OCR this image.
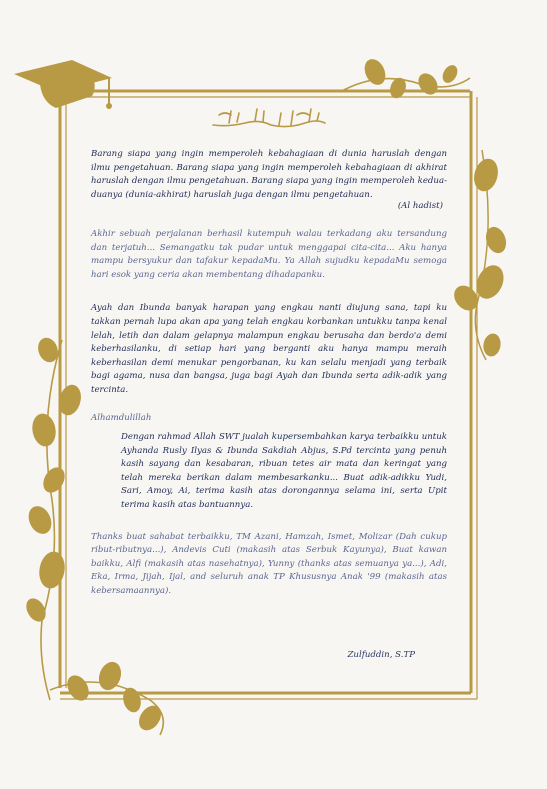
Barang siapa yang ingin memperoleh kebahagiaan di dunia haruslah dengan ilmu pengetahuan. Barang siapa yang ingin memperoleh kebahagiaan di akhirat haruslah dengan ilmu pengetahuan. Barang siapa yang ingin memperoleh kedua-duanya (dunia-akhirat) haruslah juga dengan ilmu pengetahuan.

(Al hadist)

Akhir sebuah perjalanan berhasil kutempuh walau terkadang aku tersandung dan terjatuh... Semangatku tak pudar untuk menggapai cita-cita... Aku hanya mampu bersyukur dan tafakur kepadaMu. Ya Allah sujudku kepadaMu semoga hari esok yang ceria akan membentang dihadapanku.

Ayah dan Ibunda banyak harapan yang engkau nanti diujung sana, tapi ku takkan pernah lupa akan apa yang telah engkau korbankan untukku tanpa kenal lelah, letih dan dalam gelapnya malampun engkau berusaha dan berdo'a demi keberhasilanku, di setiap hari yang berganti aku hanya mampu meraih keberhasilan demi menukar pengorbanan, ku kan selalu menjadi yang terbaik bagi agama, nusa dan bangsa, juga bagi Ayah dan Ibunda serta adik-adik yang tercinta.

Alhamdulillah

Dengan rahmad Allah SWT jualah kupersembahkan karya terbaikku untuk Ayhanda Rusly Ilyas & Ibunda Sakdiah Abjus, S.Pd tercinta yang penuh kasih sayang dan kesabaran, ribuan tetes air mata dan keringat yang telah mereka berikan dalam membesarkanku... Buat adik-adikku Yudi, Sari, Amoy, Ai, terima kasih atas dorongannya selama ini, serta Upit terima kasih atas bantuannya.

Thanks buat sahabat terbaikku, TM Azani, Hamzah, Ismet, Molizar (Dah cukup ribut-ributnya...), Andevis Cuti (makasih atas Serbuk Kayunya), Buat kawan baikku, Alfi (makasih atas nasehatnya), Yunny (thanks atas semuanya ya...), Adi, Eka, Irma, Jijah, Ijal, and seluruh anak TP Khususnya Anak '99 (makasih atas kebersamaannya).

Zulfuddin, S.TP
